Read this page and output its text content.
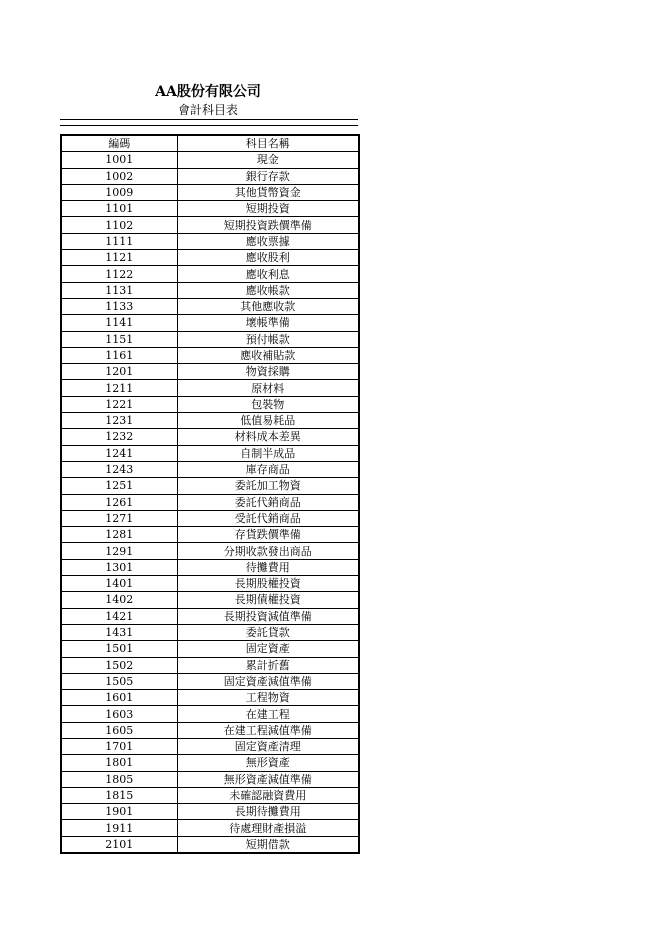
AA股份有限公司
會計科目表
編碼	科目名稱
1001	現金
1002	銀行存款
1009	其他貨幣資金
1101	短期投資
1102	短期投資跌價準備
1111	應收票據
1121	應收股利
1122	應收利息
1131	應收帳款
1133	其他應收款
1141	壞帳準備
1151	預付帳款
1161	應收補貼款
1201	物資採購
1211	原材料
1221	包裝物
1231	低值易耗品
1232	材料成本差異
1241	自制半成品
1243	庫存商品
1251	委託加工物資
1261	委託代銷商品
1271	受託代銷商品
1281	存貨跌價準備
1291	分期收款發出商品
1301	待攤費用
1401	長期股權投資
1402	長期債權投資
1421	長期投資減值準備
1431	委託貸款
1501	固定資產
1502	累計折舊
1505	固定資產減值準備
1601	工程物資
1603	在建工程
1605	在建工程減值準備
1701	固定資產清理
1801	無形資產
1805	無形資產減值準備
1815	未確認融資費用
1901	長期待攤費用
1911	待處理財產損溢
2101	短期借款
